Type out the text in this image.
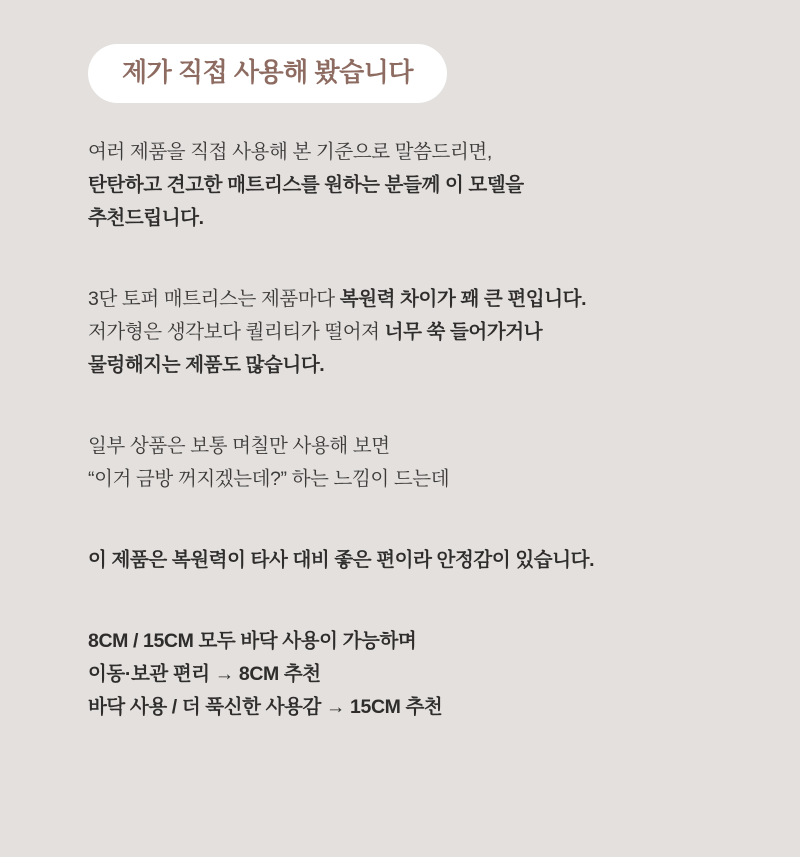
제가 직접 사용해 봤습니다

여러 제품을 직접 사용해 본 기준으로 말씀드리면,
탄탄하고 견고한 매트리스를 원하는 분들께 이 모델을
추천드립니다.

3단 토퍼 매트리스는 제품마다 복원력 차이가 꽤 큰 편입니다.
저가형은 생각보다 퀄리티가 떨어져 너무 쑥 들어가거나
물렁해지는 제품도 많습니다.

일부 상품은 보통 며칠만 사용해 보면
“이거 금방 꺼지겠는데?” 하는 느낌이 드는데

이 제품은 복원력이 타사 대비 좋은 편이라 안정감이 있습니다.

8CM / 15CM 모두 바닥 사용이 가능하며
이동·보관 편리 → 8CM 추천
바닥 사용 / 더 푹신한 사용감 → 15CM 추천
